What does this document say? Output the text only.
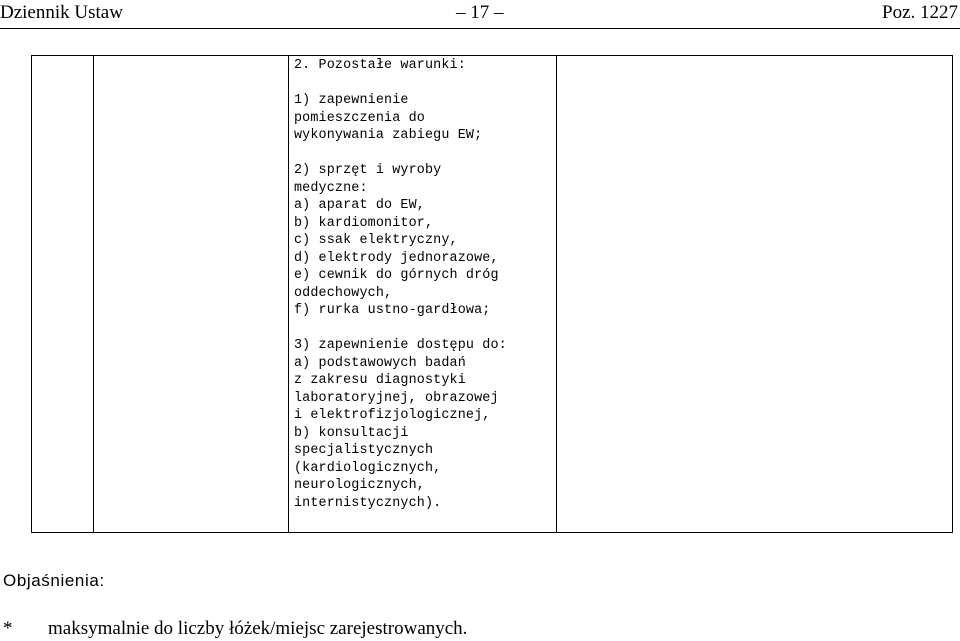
Dziennik Ustaw	– 17 –	Poz. 1227
2. Pozostałe warunki:
1) zapewnienie
pomieszczenia do
wykonywania zabiegu EW;
2) sprzęt i wyroby
medyczne:
a) aparat do EW,
b) kardiomonitor,
c) ssak elektryczny,
d) elektrody jednorazowe,
e) cewnik do górnych dróg
oddechowych,
f) rurka ustno-gardłowa;
3) zapewnienie dostępu do:
a) podstawowych badań
z zakresu diagnostyki
laboratoryjnej, obrazowej
i elektrofizjologicznej,
b) konsultacji
specjalistycznych
(kardiologicznych,
neurologicznych,
internistycznych).
Objaśnienia:
* maksymalnie do liczby łóżek/miejsc zarejestrowanych.
